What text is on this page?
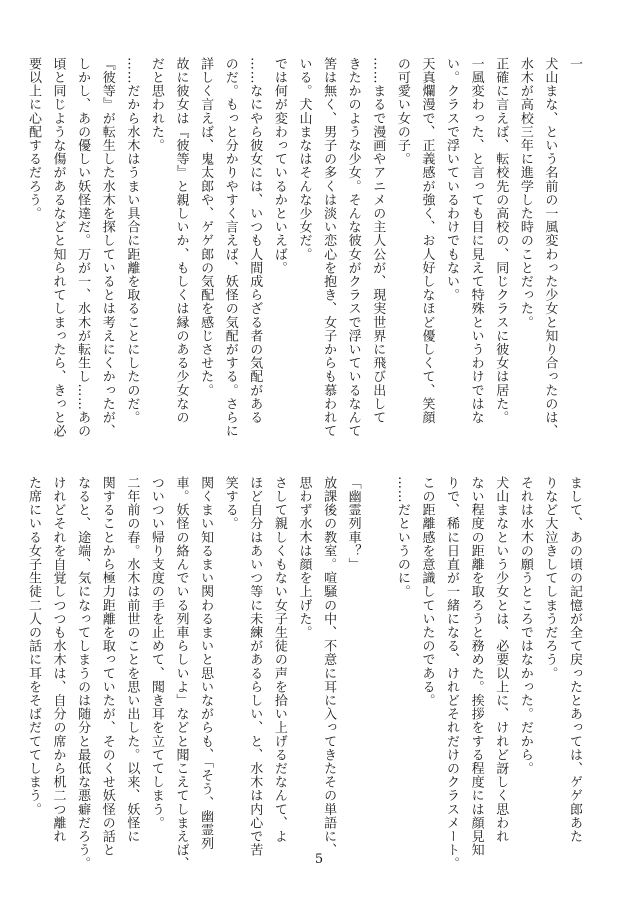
一
犬山まな、という名前の一風変わった少女と知り合ったのは、
水木が高校三年に進学した時のことだった。
正確に言えば、転校先の高校の、同じクラスに彼女は居た。
一風変わった、と言っても目に見えて特殊というわけではな
い。クラスで浮いているわけでもない。
天真爛漫で、正義感が強く、お人好しなほど優しくて、笑顔
の可愛い女の子。
……まるで漫画やアニメの主人公が、現実世界に飛び出して
きたかのような少女。そんな彼女がクラスで浮いているなんて
筈は無く、男子の多くは淡い恋心を抱き、女子からも慕われて
いる。犬山まなはそんな少女だ。
では何が変わっているかといえば。
……なにやら彼女には、いつも人間成らざる者の気配がある
のだ。もっと分かりやすく言えば、妖怪の気配がする。さらに
詳しく言えば、鬼太郎や、ゲゲ郎の気配を感じさせた。
故に彼女は『彼等』と親しいか、もしくは縁のある少女なの
だと思われた。
……だから水木はうまい具合に距離を取ることにしたのだ。
『彼等』が転生した水木を探しているとは考えにくかったが、
しかし、あの優しい妖怪達だ。万が一、水木が転生し……あの
頃と同じような傷があるなどと知られてしまったら、きっと必
要以上に心配するだろう。
まして、あの頃の記憶が全て戻ったとあっては、ゲゲ郎あた
りなど大泣きしてしまうだろう。
それは水木の願うところではなかった。だから。
犬山まなという少女とは、必要以上に、けれど訝しく思われ
ない程度の距離を取ろうと務めた。挨拶をする程度には顔見知
りで、稀に日直が一緒になる、けれどそれだけのクラスメート。
この距離感を意識していたのである。
……だというのに。

「幽霊列車？」
放課後の教室。喧騒の中、不意に耳に入ってきたその単語に、
思わず水木は顔を上げた。
さして親しくもない女子生徒の声を拾い上げるだなんて、よ
ほど自分はあいつ等に未練があるらしい、と、水木は内心で苦
笑する。
関くまい知るまい関わるまいと思いながらも、「そう、幽霊列
車。妖怪の絡んでいる列車らしいよ」などと聞こえてしまえば、
ついつい帰り支度の手を止めて、聞き耳を立ててしまう。
二年前の春。水木は前世のことを思い出した。以来、妖怪に
関することから極力距離を取っていたが、そのくせ妖怪の話と
なると、途端、気になってしまうのは随分と最低な悪癖だろう。
けれどそれを自覚しつつも水木は、自分の席から机二つ離れ
た席にいる女子生徒二人の話に耳をそばだててしまう。
5
